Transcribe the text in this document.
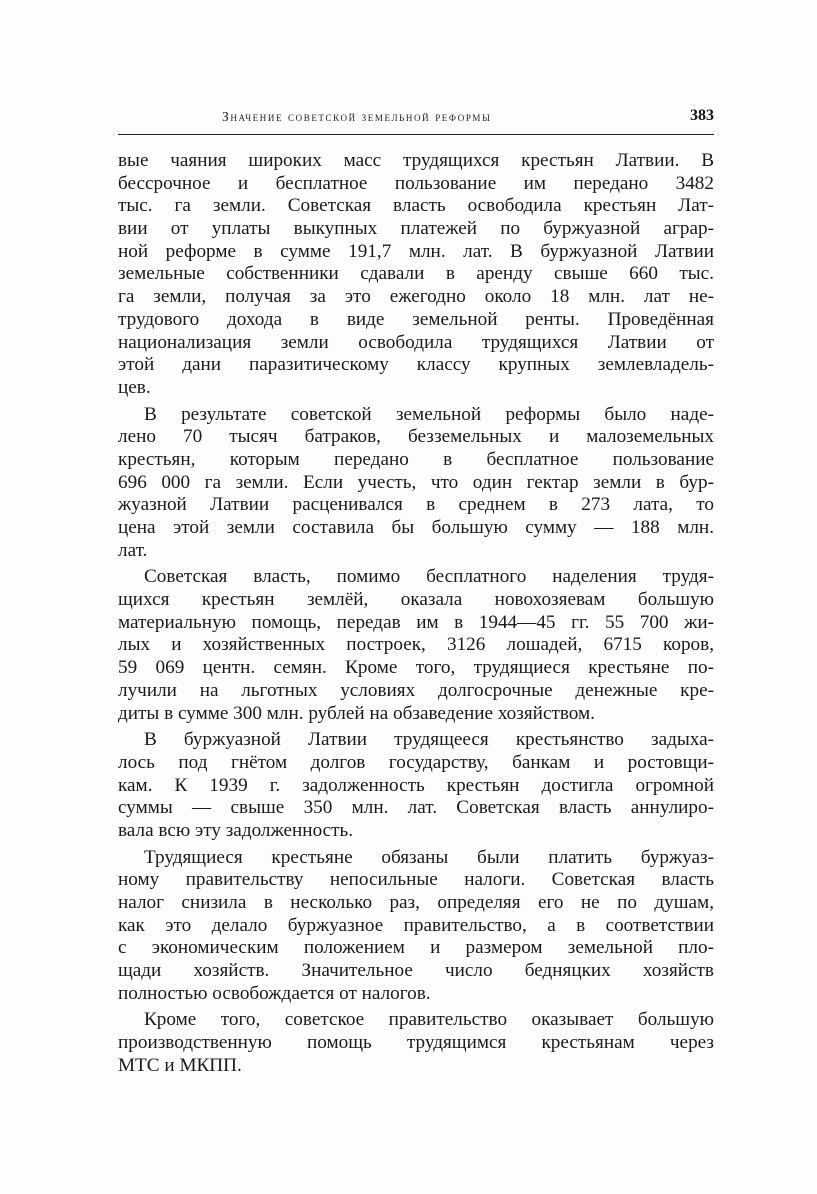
Значение советской земельной реформы	383
вые чаяния широких масс трудящихся крестьян Латвии. В
бессрочное и бесплатное пользование им передано 3482
тыс. га земли. Советская власть освободила крестьян Лат-
вии от уплаты выкупных платежей по буржуазной аграр-
ной реформе в сумме 191,7 млн. лат. В буржуазной Латвии
земельные собственники сдавали в аренду свыше 660 тыс.
га земли, получая за это ежегодно около 18 млн. лат не-
трудового дохода в виде земельной ренты. Проведённая
национализация земли освободила трудящихся Латвии от
этой дани паразитическому классу крупных землевладель-
цев.
В результате советской земельной реформы было наде-
лено 70 тысяч батраков, безземельных и малоземельных
крестьян, которым передано в бесплатное пользование
696 000 га земли. Если учесть, что один гектар земли в бур-
жуазной Латвии расценивался в среднем в 273 лата, то
цена этой земли составила бы большую сумму — 188 млн.
лат.
Советская власть, помимо бесплатного наделения трудя-
щихся крестьян землёй, оказала новохозяевам большую
материальную помощь, передав им в 1944—45 гг. 55 700 жи-
лых и хозяйственных построек, 3126 лошадей, 6715 коров,
59 069 центн. семян. Кроме того, трудящиеся крестьяне по-
лучили на льготных условиях долгосрочные денежные кре-
диты в сумме 300 млн. рублей на обзаведение хозяйством.
В буржуазной Латвии трудящееся крестьянство задыха-
лось под гнётом долгов государству, банкам и ростовщи-
кам. К 1939 г. задолженность крестьян достигла огромной
суммы — свыше 350 млн. лат. Советская власть аннулиро-
вала всю эту задолженность.
Трудящиеся крестьяне обязаны были платить буржуаз-
ному правительству непосильные налоги. Советская власть
налог снизила в несколько раз, определяя его не по душам,
как это делало буржуазное правительство, а в соответствии
с экономическим положением и размером земельной пло-
щади хозяйств. Значительное число бедняцких хозяйств
полностью освобождается от налогов.
Кроме того, советское правительство оказывает большую
производственную помощь трудящимся крестьянам через
МТС и МКПП.
